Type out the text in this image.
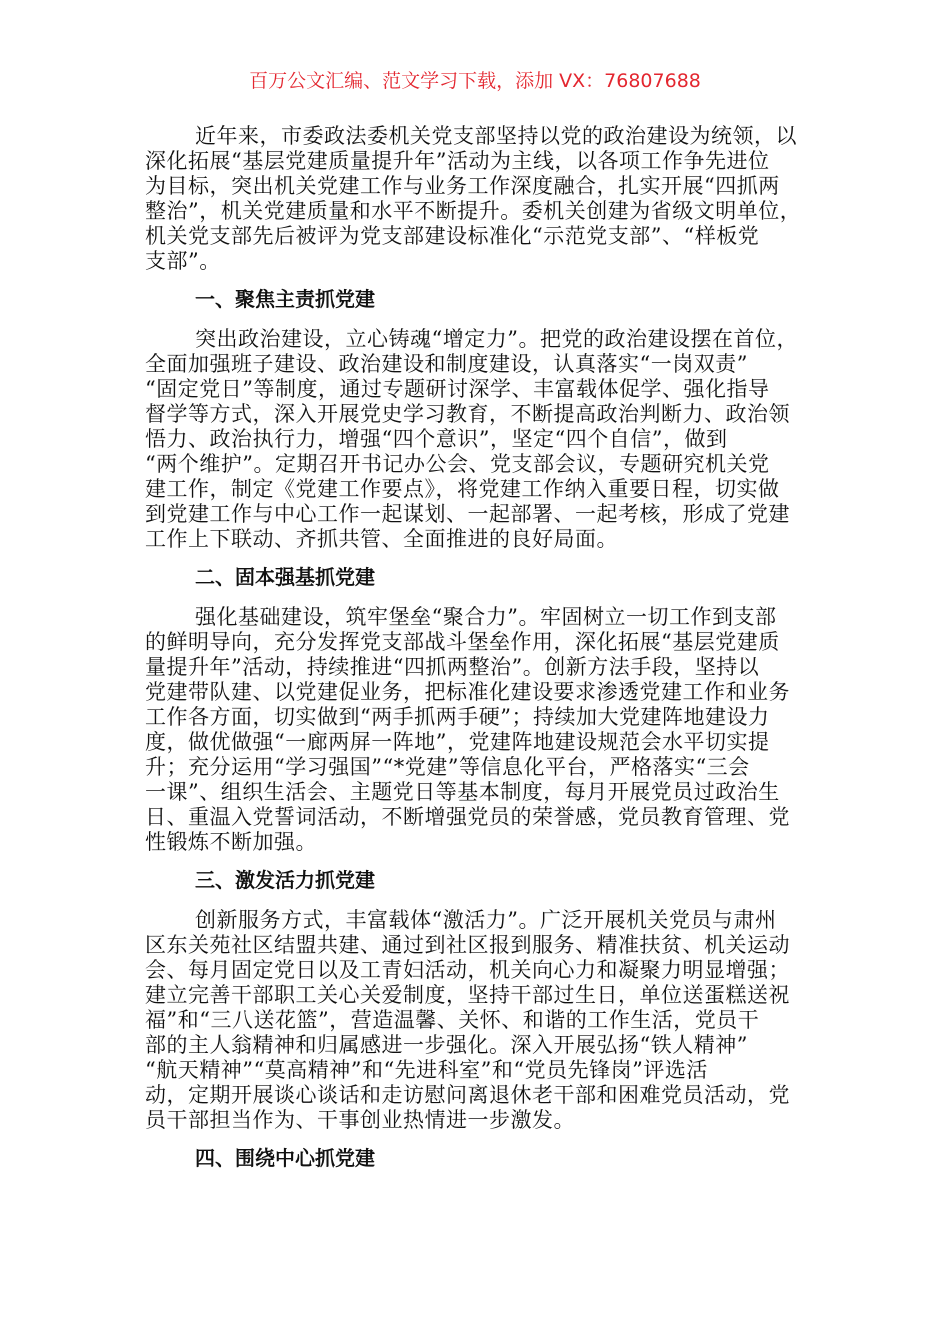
百万公文汇编、范文学习下载，添加 VX：76807688
近年来，市委政法委机关党支部坚持以党的政治建设为统领，以
深化拓展“基层党建质量提升年”活动为主线，以各项工作争先进位
为目标，突出机关党建工作与业务工作深度融合，扎实开展“四抓两
整治”，机关党建质量和水平不断提升。委机关创建为省级文明单位，
机关党支部先后被评为党支部建设标准化“示范党支部”、“样板党
支部”。
一、聚焦主责抓党建
突出政治建设，立心铸魂“增定力”。把党的政治建设摆在首位，
全面加强班子建设、政治建设和制度建设，认真落实“一岗双责”
“固定党日”等制度，通过专题研讨深学、丰富载体促学、强化指导
督学等方式，深入开展党史学习教育，不断提高政治判断力、政治领
悟力、政治执行力，增强“四个意识”，坚定“四个自信”，做到
“两个维护”。定期召开书记办公会、党支部会议，专题研究机关党
建工作，制定《党建工作要点》，将党建工作纳入重要日程，切实做
到党建工作与中心工作一起谋划、一起部署、一起考核，形成了党建
工作上下联动、齐抓共管、全面推进的良好局面。
二、固本强基抓党建
强化基础建设，筑牢堡垒“聚合力”。牢固树立一切工作到支部
的鲜明导向，充分发挥党支部战斗堡垒作用，深化拓展“基层党建质
量提升年”活动，持续推进“四抓两整治”。创新方法手段，坚持以
党建带队建、以党建促业务，把标准化建设要求渗透党建工作和业务
工作各方面，切实做到“两手抓两手硬”；持续加大党建阵地建设力
度，做优做强“一廊两屏一阵地”，党建阵地建设规范会水平切实提
升；充分运用“学习强国”“*党建”等信息化平台，严格落实“三会
一课”、组织生活会、主题党日等基本制度，每月开展党员过政治生
日、重温入党誓词活动，不断增强党员的荣誉感，党员教育管理、党
性锻炼不断加强。
三、激发活力抓党建
创新服务方式，丰富载体“激活力”。广泛开展机关党员与肃州
区东关苑社区结盟共建、通过到社区报到服务、精准扶贫、机关运动
会、每月固定党日以及工青妇活动，机关向心力和凝聚力明显增强；
建立完善干部职工关心关爱制度，坚持干部过生日，单位送蛋糕送祝
福”和“三八送花篮”，营造温馨、关怀、和谐的工作生活，党员干
部的主人翁精神和归属感进一步强化。深入开展弘扬“铁人精神”
“航天精神”“莫高精神”和“先进科室”和“党员先锋岗”评选活
动，定期开展谈心谈话和走访慰问离退休老干部和困难党员活动，党
员干部担当作为、干事创业热情进一步激发。
四、围绕中心抓党建
